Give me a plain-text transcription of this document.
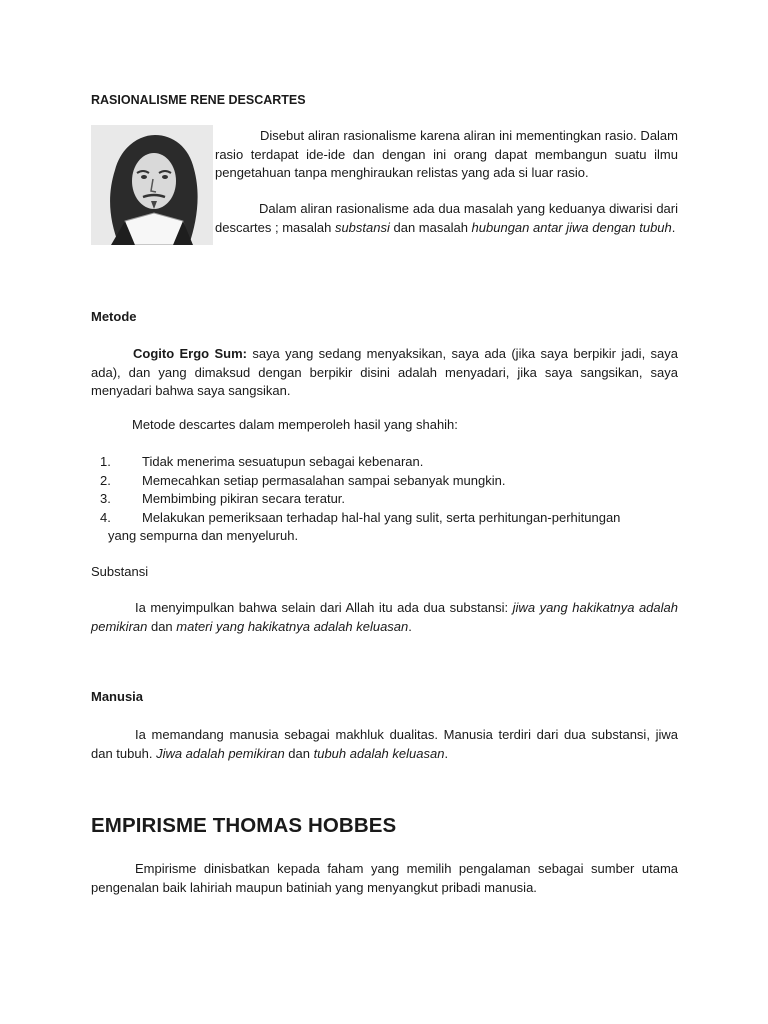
RASIONALISME RENE DESCARTES
Disebut aliran rasionalisme karena aliran ini mementingkan rasio. Dalam rasio terdapat ide-ide dan dengan ini orang dapat membangun suatu ilmu pengetahuan tanpa menghiraukan relistas yang ada si luar rasio.
Dalam aliran rasionalisme ada dua masalah yang keduanya diwarisi dari descartes ; masalah substansi dan masalah hubungan antar jiwa dengan tubuh.
Metode
Cogito Ergo Sum: saya yang sedang menyaksikan, saya ada (jika saya berpikir jadi, saya ada), dan yang dimaksud dengan berpikir disini adalah menyadari, jika saya sangsikan, saya menyadari bahwa saya sangsikan.
Metode descartes dalam memperoleh hasil yang shahih:
1. Tidak menerima sesuatupun sebagai kebenaran.
2. Memecahkan setiap permasalahan sampai sebanyak mungkin.
3. Membimbing pikiran secara teratur.
4. Melakukan pemeriksaan terhadap hal-hal yang sulit, serta perhitungan-perhitungan
yang sempurna dan menyeluruh.
Substansi
Ia menyimpulkan bahwa selain dari Allah itu ada dua substansi: jiwa yang hakikatnya adalah pemikiran dan materi yang hakikatnya adalah keluasan.
Manusia
Ia memandang manusia sebagai makhluk dualitas. Manusia terdiri dari dua substansi, jiwa dan tubuh. Jiwa adalah pemikiran dan tubuh adalah keluasan.
EMPIRISME THOMAS HOBBES
Empirisme dinisbatkan kepada faham yang memilih pengalaman sebagai sumber utama pengenalan baik lahiriah maupun batiniah yang menyangkut pribadi manusia.
